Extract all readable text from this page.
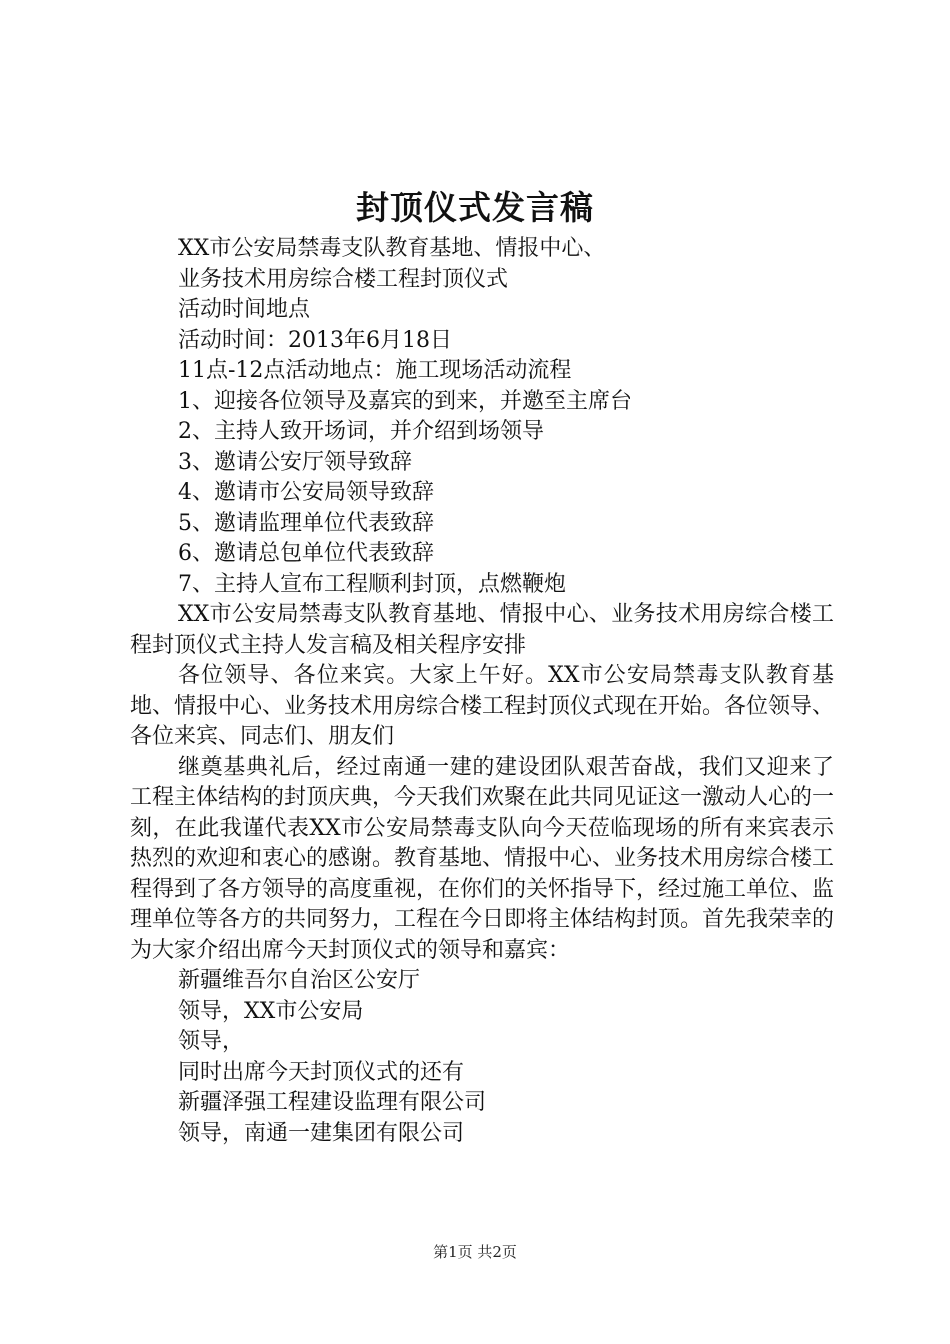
封顶仪式发言稿
XX市公安局禁毒支队教育基地、情报中心、
业务技术用房综合楼工程封顶仪式
活动时间地点
活动时间：2013年6月18日
11点-12点活动地点：施工现场活动流程
1、迎接各位领导及嘉宾的到来，并邀至主席台
2、主持人致开场词，并介绍到场领导
3、邀请公安厅领导致辞
4、邀请市公安局领导致辞
5、邀请监理单位代表致辞
6、邀请总包单位代表致辞
7、主持人宣布工程顺利封顶，点燃鞭炮
XX市公安局禁毒支队教育基地、情报中心、业务技术用房综合楼工程封顶仪式主持人发言稿及相关程序安排
各位领导、各位来宾。大家上午好。XX市公安局禁毒支队教育基地、情报中心、业务技术用房综合楼工程封顶仪式现在开始。各位领导、各位来宾、同志们、朋友们
继奠基典礼后，经过南通一建的建设团队艰苦奋战，我们又迎来了工程主体结构的封顶庆典，今天我们欢聚在此共同见证这一激动人心的一刻，在此我谨代表XX市公安局禁毒支队向今天莅临现场的所有来宾表示热烈的欢迎和衷心的感谢。教育基地、情报中心、业务技术用房综合楼工程得到了各方领导的高度重视，在你们的关怀指导下，经过施工单位、监理单位等各方的共同努力，工程在今日即将主体结构封顶。首先我荣幸的为大家介绍出席今天封顶仪式的领导和嘉宾：
新疆维吾尔自治区公安厅
领导，XX市公安局
领导，
同时出席今天封顶仪式的还有
新疆泽强工程建设监理有限公司
领导，南通一建集团有限公司
第1页 共2页
